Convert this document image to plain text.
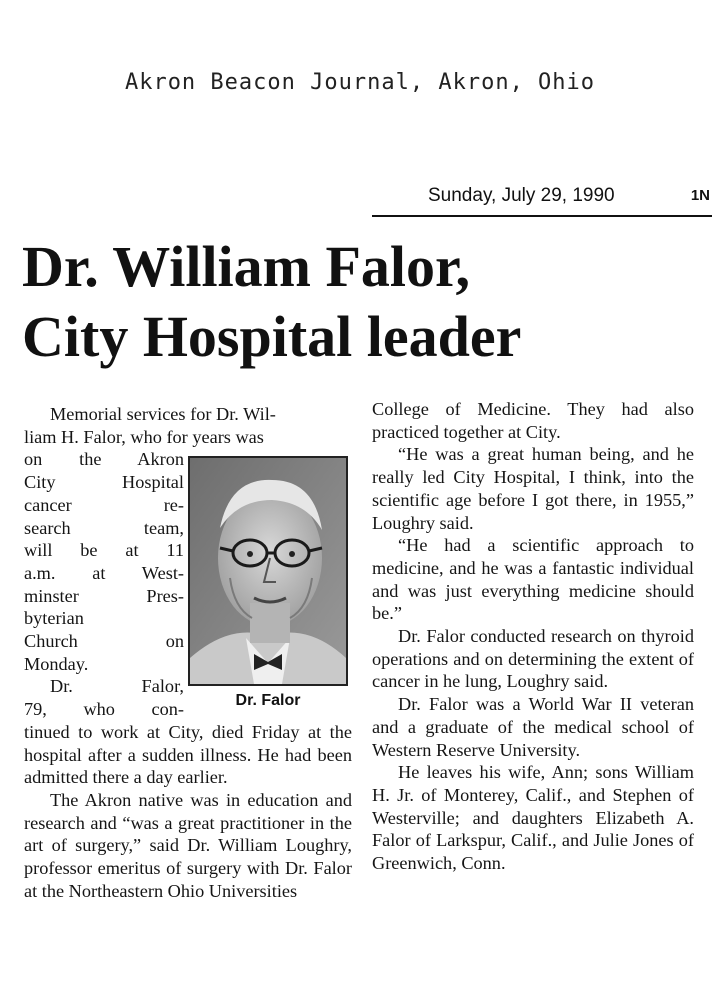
Akron Beacon Journal, Akron, Ohio
Sunday, July 29, 1990	1N
Dr. William Falor,
City Hospital leader
Memorial services for Dr. Wil-
liam H. Falor, who for years was
on the Akron
City Hospital
cancer re-
search team,
will be at 11
a.m. at West-
minster Pres-
byterian
Church on
Monday.
Dr. Falor,
79, who con-

tinued to work at City, died Friday at the hospital after a sudden illness. He had been admitted there a day earlier.

The Akron native was in education and research and “was a great practitioner in the art of surgery,” said Dr. William Loughry, professor emeritus of surgery with Dr. Falor at the Northeastern Ohio Universities

Dr. Falor

College of Medicine. They had also practiced together at City.

“He was a great human being, and he really led City Hospital, I think, into the scientific age before I got there, in 1955,” Loughry said.

“He had a scientific approach to medicine, and he was a fantastic individual and was just everything medicine should be.”

Dr. Falor conducted research on thyroid operations and on determining the extent of cancer in he lung, Loughry said.

Dr. Falor was a World War II veteran and a graduate of the medical school of Western Reserve University.

He leaves his wife, Ann; sons William H. Jr. of Monterey, Calif., and Stephen of Westerville; and daughters Elizabeth A. Falor of Larkspur, Calif., and Julie Jones of Greenwich, Conn.
